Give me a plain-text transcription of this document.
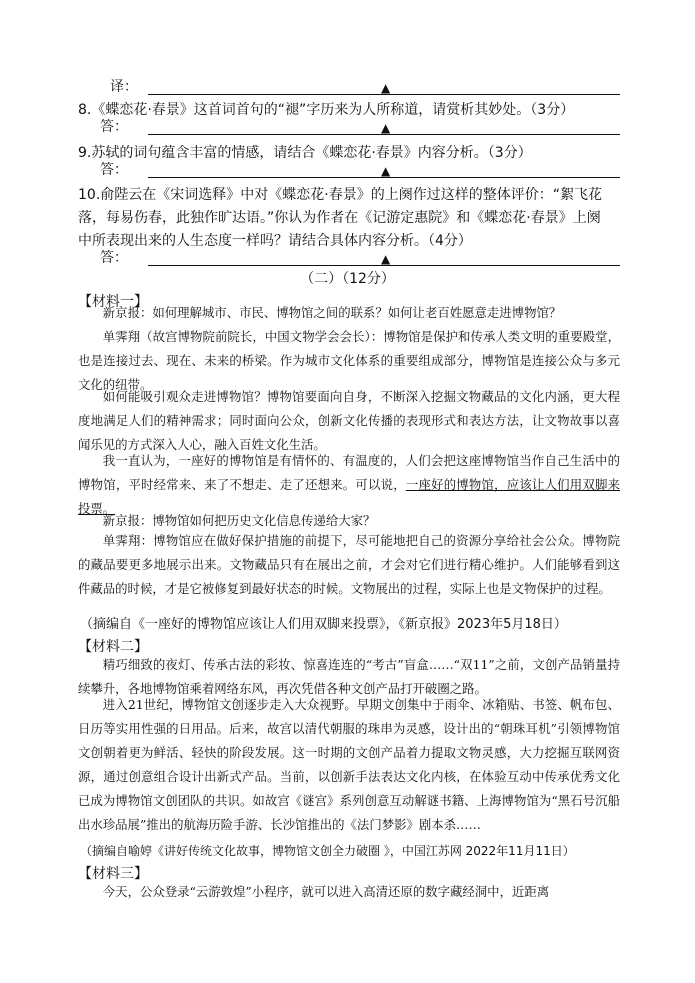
译：	▲
8.《蝶恋花·春景》这首词首句的“褪”字历来为人所称道，请赏析其妙处。（3分）
答：	▲
9.苏轼的词句蕴含丰富的情感，请结合《蝶恋花·春景》内容分析。（3分）
答：	▲
10.俞陛云在《宋词选释》中对《蝶恋花·春景》的上阕作过这样的整体评价：“絮飞花
落，每易伤春，此独作旷达语。”你认为作者在《记游定惠院》和《蝶恋花·春景》上阕
中所表现出来的人生态度一样吗？请结合具体内容分析。（4分）
答：	▲
（二）（12分）
【材料一】
新京报：如何理解城市、市民、博物馆之间的联系？如何让老百姓愿意走进博物馆？
单霁翔（故宫博物院前院长，中国文物学会会长）：博物馆是保护和传承人类文明的重要殿堂，也是连接过去、现在、未来的桥梁。作为城市文化体系的重要组成部分，博物馆是连接公众与多元文化的纽带。
如何能吸引观众走进博物馆？博物馆要面向自身，不断深入挖掘文物藏品的文化内涵，更大程度地满足人们的精神需求；同时面向公众，创新文化传播的表现形式和表达方法，让文物故事以喜闻乐见的方式深入人心，融入百姓文化生活。
我一直认为，一座好的博物馆是有情怀的、有温度的，人们会把这座博物馆当作自己生活中的博物馆，平时经常来、来了不想走、走了还想来。可以说，一座好的博物馆，应该让人们用双脚来投票。
新京报：博物馆如何把历史文化信息传递给大家？
单霁翔：博物馆应在做好保护措施的前提下，尽可能地把自己的资源分享给社会公众。博物院的藏品要更多地展示出来。文物藏品只有在展出之前，才会对它们进行精心维护。人们能够看到这件藏品的时候，才是它被修复到最好状态的时候。文物展出的过程，实际上也是文物保护的过程。
（摘编自《一座好的博物馆应该让人们用双脚来投票》，《新京报》2023年5月18日）
【材料二】
精巧细致的夜灯、传承古法的彩妆、惊喜连连的“考古”盲盒……“双11”之前，文创产品销量持续攀升，各地博物馆乘着网络东风，再次凭借各种文创产品打开破圈之路。
进入21世纪，博物馆文创逐步走入大众视野。早期文创集中于雨伞、冰箱贴、书签、帆布包、日历等实用性强的日用品。后来，故宫以清代朝服的珠串为灵感，设计出的“朝珠耳机”引领博物馆文创朝着更为鲜活、轻快的阶段发展。这一时期的文创产品着力提取文物灵感，大力挖掘互联网资源，通过创意组合设计出新式产品。当前，以创新手法表达文化内核，在体验互动中传承优秀文化已成为博物馆文创团队的共识。如故宫《谜宫》系列创意互动解谜书籍、上海博物馆为“黑石号沉船出水珍品展”推出的航海历险手游、长沙馆推出的《法门梦影》剧本杀……
（摘编自喻婷《讲好传统文化故事，博物馆文创全力破圈 》，中国江苏网 2022年11月11日）
【材料三】
今天，公众登录“云游敦煌”小程序，就可以进入高清还原的数字藏经洞中，近距离
